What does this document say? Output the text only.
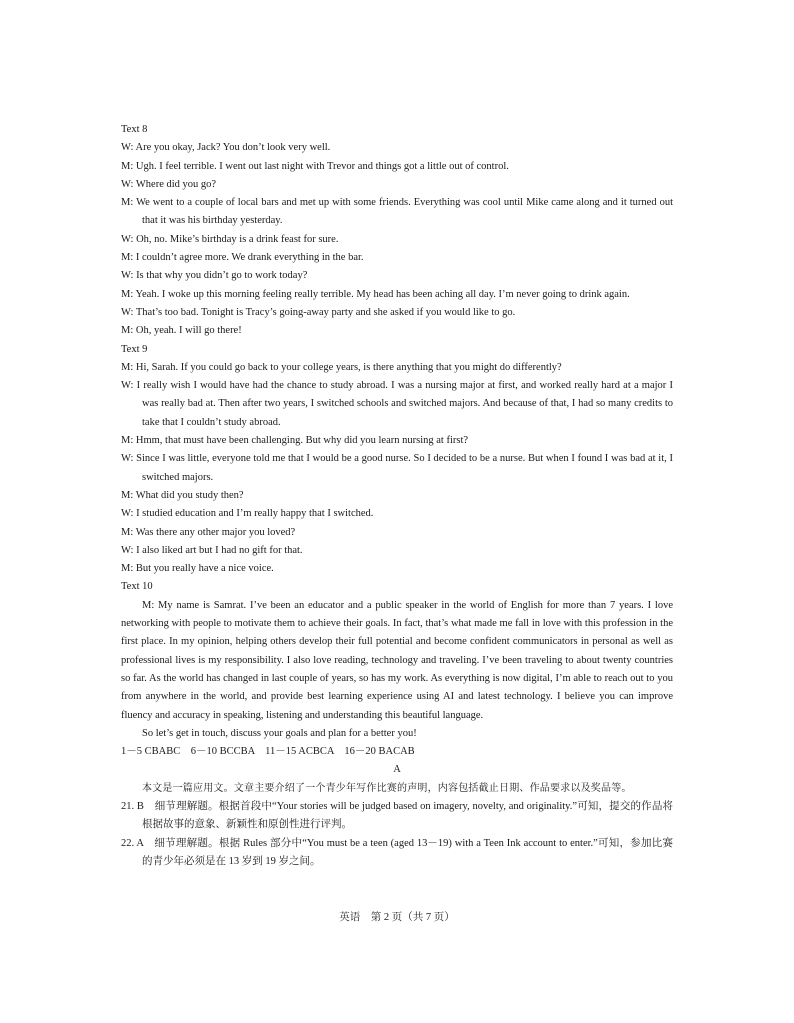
Text 8

W: Are you okay, Jack? You don’t look very well.

M: Ugh. I feel terrible. I went out last night with Trevor and things got a little out of control.

W: Where did you go?

M: We went to a couple of local bars and met up with some friends. Everything was cool until Mike came along and it turned out that it was his birthday yesterday.

W: Oh, no. Mike’s birthday is a drink feast for sure.

M: I couldn’t agree more. We drank everything in the bar.

W: Is that why you didn’t go to work today?

M: Yeah. I woke up this morning feeling really terrible. My head has been aching all day. I’m never going to drink again.

W: That’s too bad. Tonight is Tracy’s going-away party and she asked if you would like to go.

M: Oh, yeah. I will go there!

Text 9

M: Hi, Sarah. If you could go back to your college years, is there anything that you might do differently?

W: I really wish I would have had the chance to study abroad. I was a nursing major at first, and worked really hard at a major I was really bad at. Then after two years, I switched schools and switched majors. And because of that, I had so many credits to take that I couldn’t study abroad.

M: Hmm, that must have been challenging. But why did you learn nursing at first?

W: Since I was little, everyone told me that I would be a good nurse. So I decided to be a nurse. But when I found I was bad at it, I switched majors.

M: What did you study then?

W: I studied education and I’m really happy that I switched.

M: Was there any other major you loved?

W: I also liked art but I had no gift for that.

M: But you really have a nice voice.

Text 10

M: My name is Samrat. I’ve been an educator and a public speaker in the world of English for more than 7 years. I love networking with people to motivate them to achieve their goals. In fact, that’s what made me fall in love with this profession in the first place. In my opinion, helping others develop their full potential and become confident communicators in personal as well as professional lives is my responsibility. I also love reading, technology and traveling. I’ve been traveling to about twenty countries so far. As the world has changed in last couple of years, so has my work. As everything is now digital, I’m able to reach out to you from anywhere in the world, and provide best learning experience using AI and latest technology. I believe you can improve fluency and accuracy in speaking, listening and understanding this beautiful language.

So let’s get in touch, discuss your goals and plan for a better you!

1－5 CBABC　6－10 BCCBA　11－15 ACBCA　16－20 BACAB

A

本文是一篇应用文。文章主要介绍了一个青少年写作比赛的声明，内容包括截止日期、作品要求以及奖品等。

21. B　细节理解题。根据首段中“Your stories will be judged based on imagery, novelty, and originality.”可知，提交的作品将根据故事的意象、新颖性和原创性进行评判。

22. A　细节理解题。根据 Rules 部分中“You must be a teen (aged 13－19) with a Teen Ink account to enter.”可知，参加比赛的青少年必须是在 13 岁到 19 岁之间。

英语　第 2 页（共 7 页）
